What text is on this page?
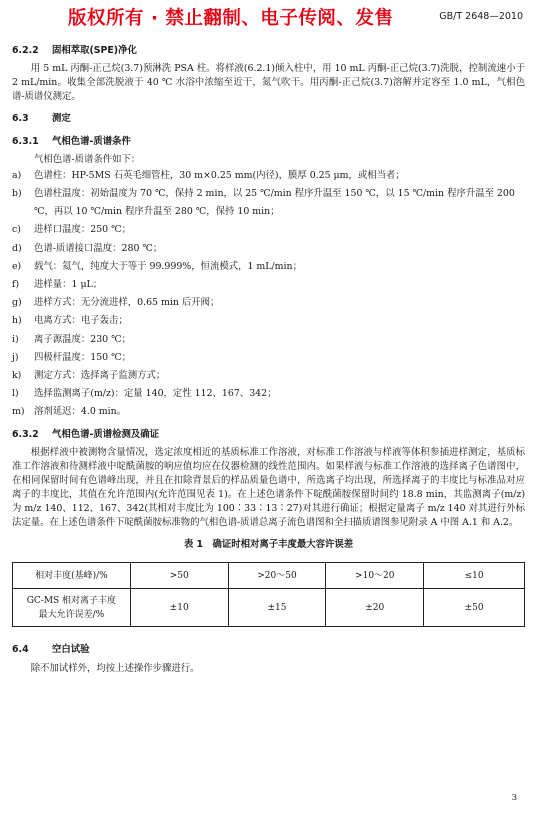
版权所有 · 禁止翻制、电子传阅、发售	GB/T 2648—2010
6.2.2 固相萃取(SPE)净化

用 5 mL 丙酮-正己烷(3.7)预淋洗 PSA 柱。将样液(6.2.1)倾入柱中，用 10 mL 丙酮-正己烷(3.7)洗脱，控制流速小于 2 mL/min。收集全部洗脱液于 40 ℃ 水浴中浓缩至近干，氮气吹干。用丙酮-正己烷(3.7)溶解并定容至 1.0 mL，气相色谱-质谱仪测定。

6.3 测定
6.3.1 气相色谱-质谱条件
气相色谱-质谱条件如下：
a)	色谱柱：HP-5MS 石英毛细管柱，30 m×0.25 mm(内径)，膜厚 0.25 μm，或相当者；
b)	色谱柱温度：初始温度为 70 ℃，保持 2 min，以 25 ℃/min 程序升温至 150 ℃，以 15 ℃/min 程序升温至 200 ℃，再以 10 ℃/min 程序升温至 280 ℃，保持 10 min；
c)	进样口温度：250 ℃；
d)	色谱-质谱接口温度：280 ℃；
e)	载气：氦气，纯度大于等于 99.999%，恒流模式，1 mL/min；
f)	进样量：1 μL；
g)	进样方式：无分流进样，0.65 min 后开阀；
h)	电离方式：电子轰击；
i)	离子源温度：230 ℃；
j)	四极杆温度：150 ℃；
k)	测定方式：选择离子监测方式；
l)	选择监测离子(m/z)：定量 140，定性 112、167、342；
m)	溶剂延迟：4.0 min。
6.3.2 气相色谱-质谱检测及确证

根据样液中被测物含量情况，选定浓度相近的基质标准工作溶液，对标准工作溶液与样液等体积参插进样测定，基质标准工作溶液和待测样液中啶酰菌胺的响应值均应在仪器检测的线性范围内。如果样液与标准工作溶液的选择离子色谱图中，在相同保留时间有色谱峰出现，并且在扣除背景后的样品质量色谱中，所选离子均出现，所选择离子的丰度比与标准品对应离子的丰度比，其值在允许范围内(允许范围见表 1)。在上述色谱条件下啶酰菌胺保留时间约 18.8 min，其监测离子(m/z)为 m/z 140、112、167、342(其相对丰度比为 100∶33∶13∶27)对其进行确证；根据定量离子 m/z 140 对其进行外标法定量。在上述色谱条件下啶酰菌胺标准物的气相色谱-质谱总离子流色谱图和全扫描质谱图参见附录 A 中图 A.1 和 A.2。

表 1　确证时相对离子丰度最大容许误差
相对丰度(基峰)/%	>50	>20～50	>10～20	≤10
GC-MS 相对离子丰度最大允许误差/%	±10	±15	±20	±50
6.4 空白试验

除不加试样外，均按上述操作步骤进行。

3
